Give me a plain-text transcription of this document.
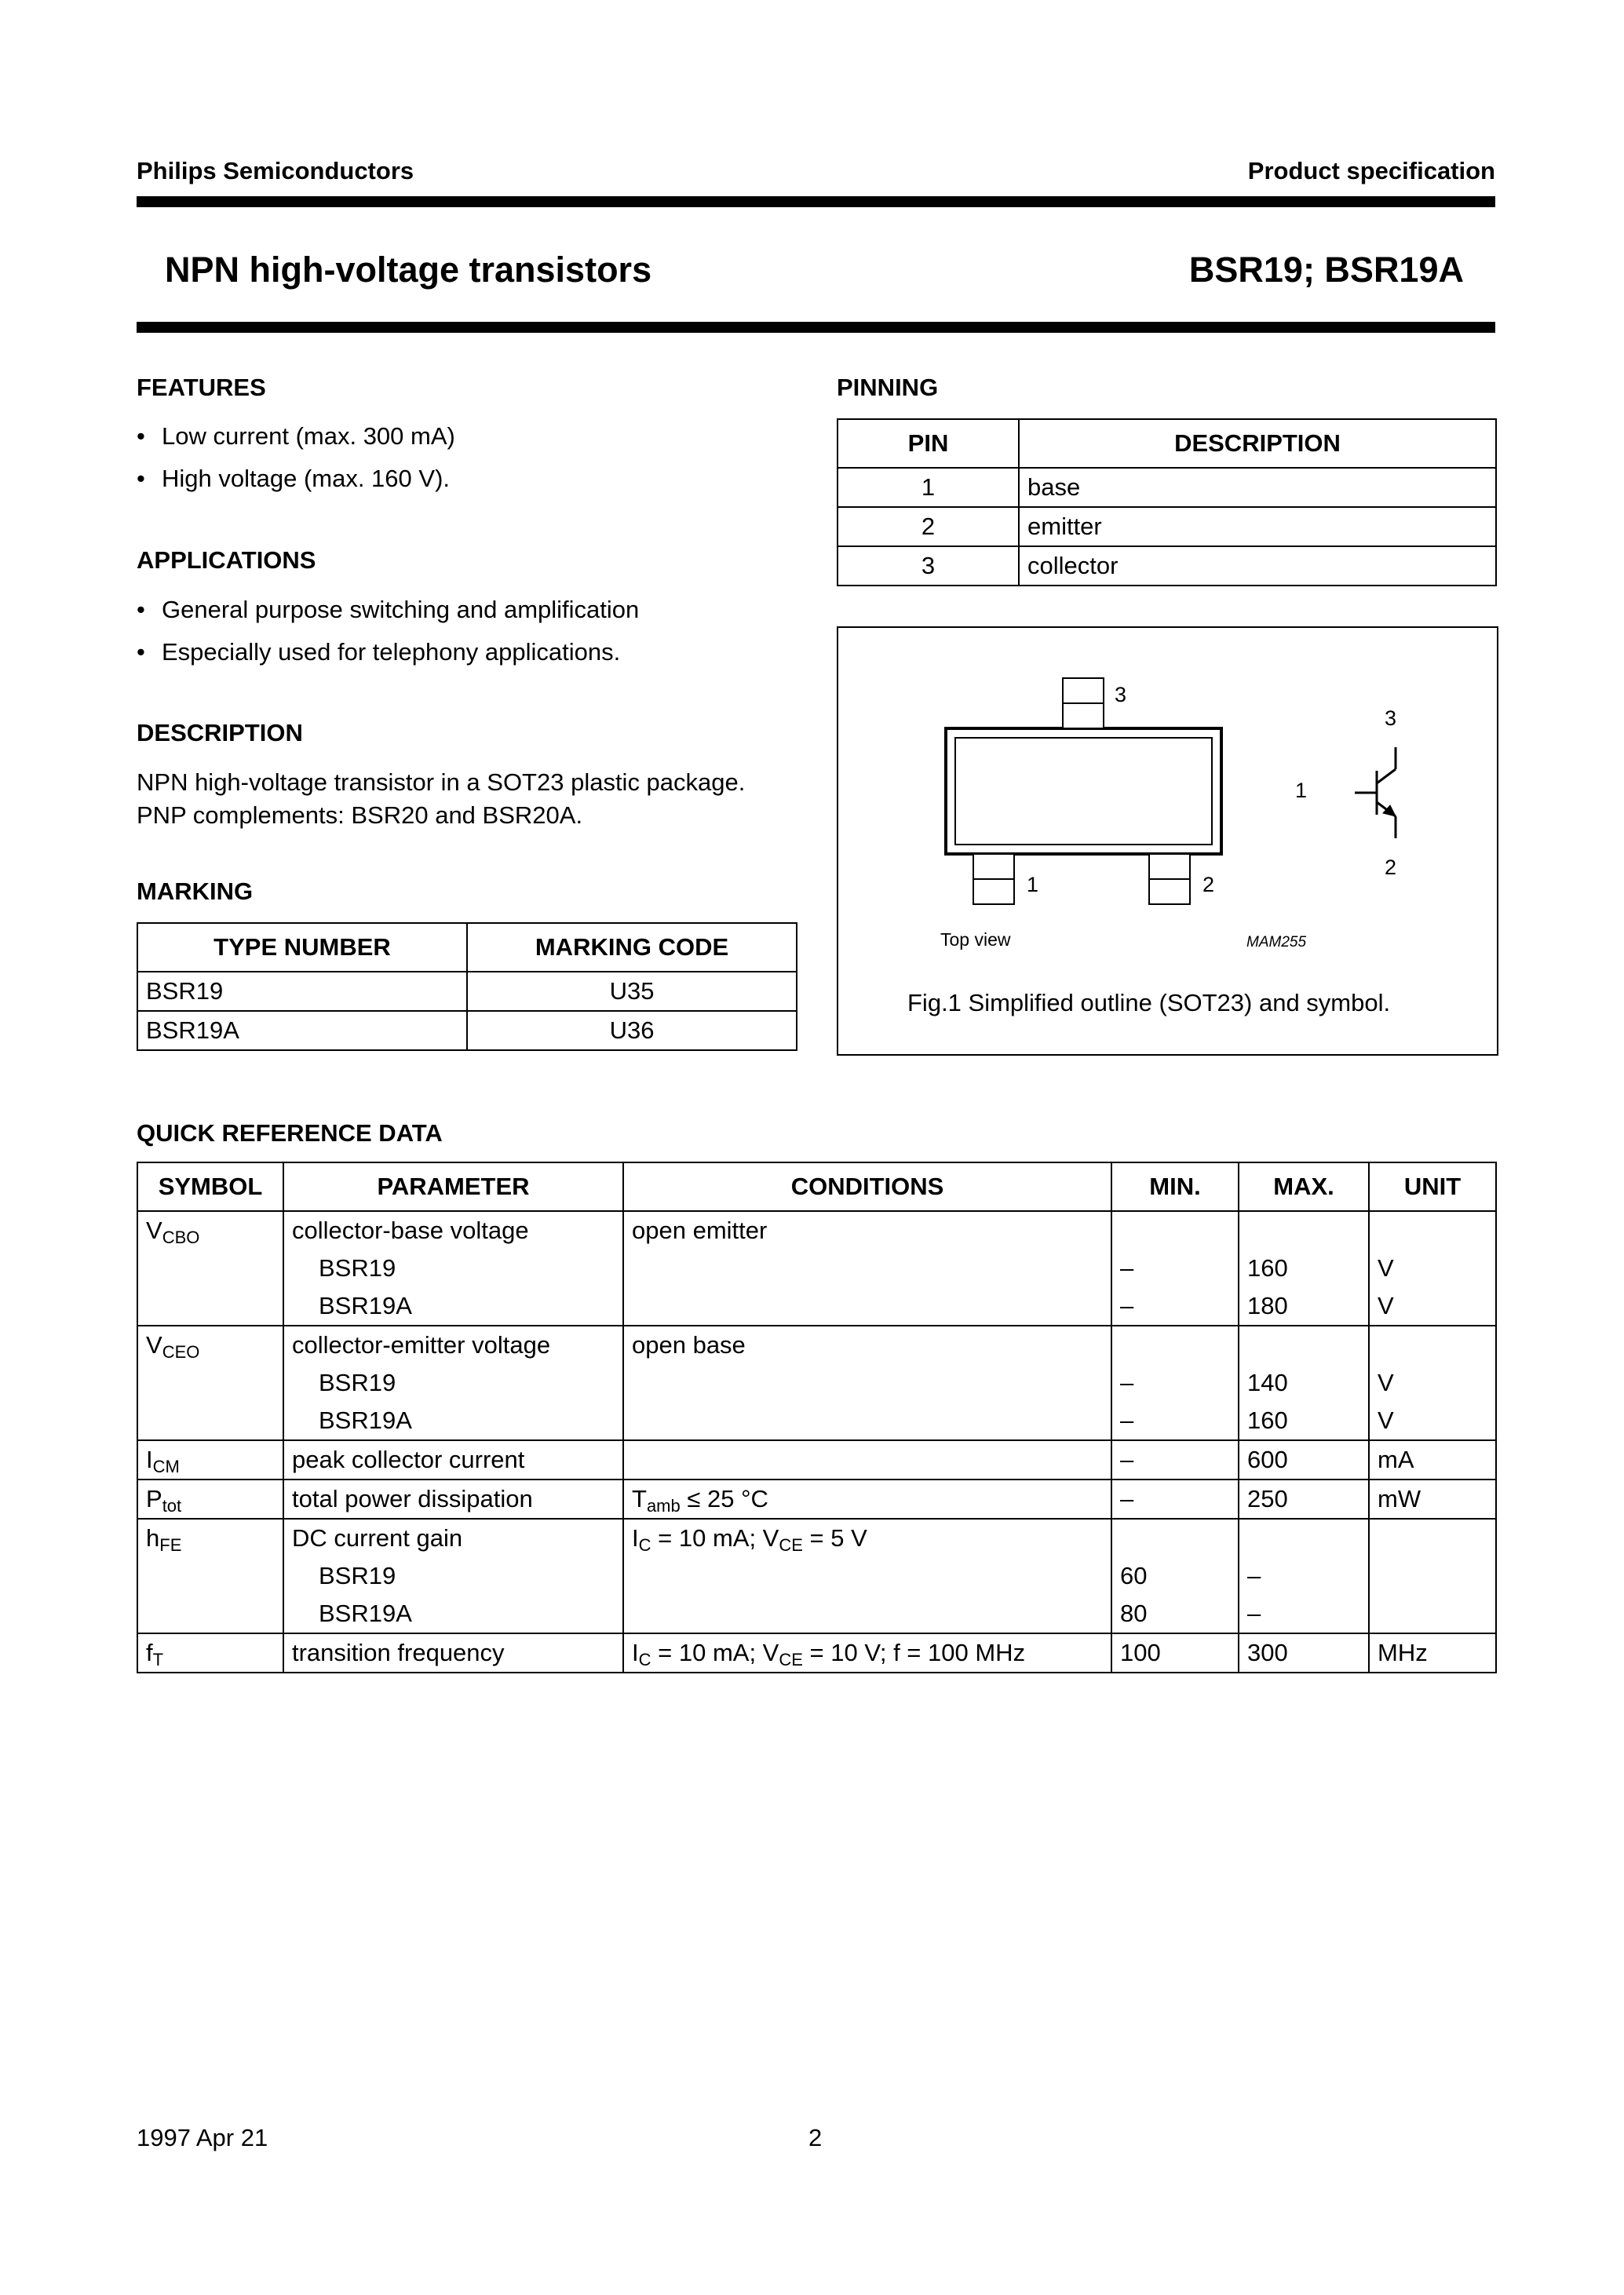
Philips Semiconductors	Product specification
NPN high-voltage transistors	BSR19; BSR19A
FEATURES
• Low current (max. 300 mA)
• High voltage (max. 160 V).
APPLICATIONS
• General purpose switching and amplification
• Especially used for telephony applications.
DESCRIPTION
NPN high-voltage transistor in a SOT23 plastic package.
PNP complements: BSR20 and BSR20A.
MARKING
TYPE NUMBER	MARKING CODE
BSR19	U35
BSR19A	U36
PINNING
PIN	DESCRIPTION
1	base
2	emitter
3	collector
3
1	2
3
1
2
Top view	MAM255
Fig.1 Simplified outline (SOT23) and symbol.
QUICK REFERENCE DATA
SYMBOL	PARAMETER	CONDITIONS	MIN.	MAX.	UNIT
$V_{CBO}$	collector-base voltage	open emitter			
	BSR19		–	160	V
	BSR19A		–	180	V
$V_{CEO}$	collector-emitter voltage	open base			
	BSR19		–	140	V
	BSR19A		–	160	V
$I_{CM}$	peak collector current		–	600	mA
$P_{tot}$	total power dissipation	$T_{amb} \le 25$ °C	–	250	mW
$h_{FE}$	DC current gain	$I_C = 10$ mA; $V_{CE} = 5$ V			
	BSR19		60	–	
	BSR19A		80	–	
$f_T$	transition frequency	$I_C = 10$ mA; $V_{CE} = 10$ V; f = 100 MHz	100	300	MHz
1997 Apr 21	2
